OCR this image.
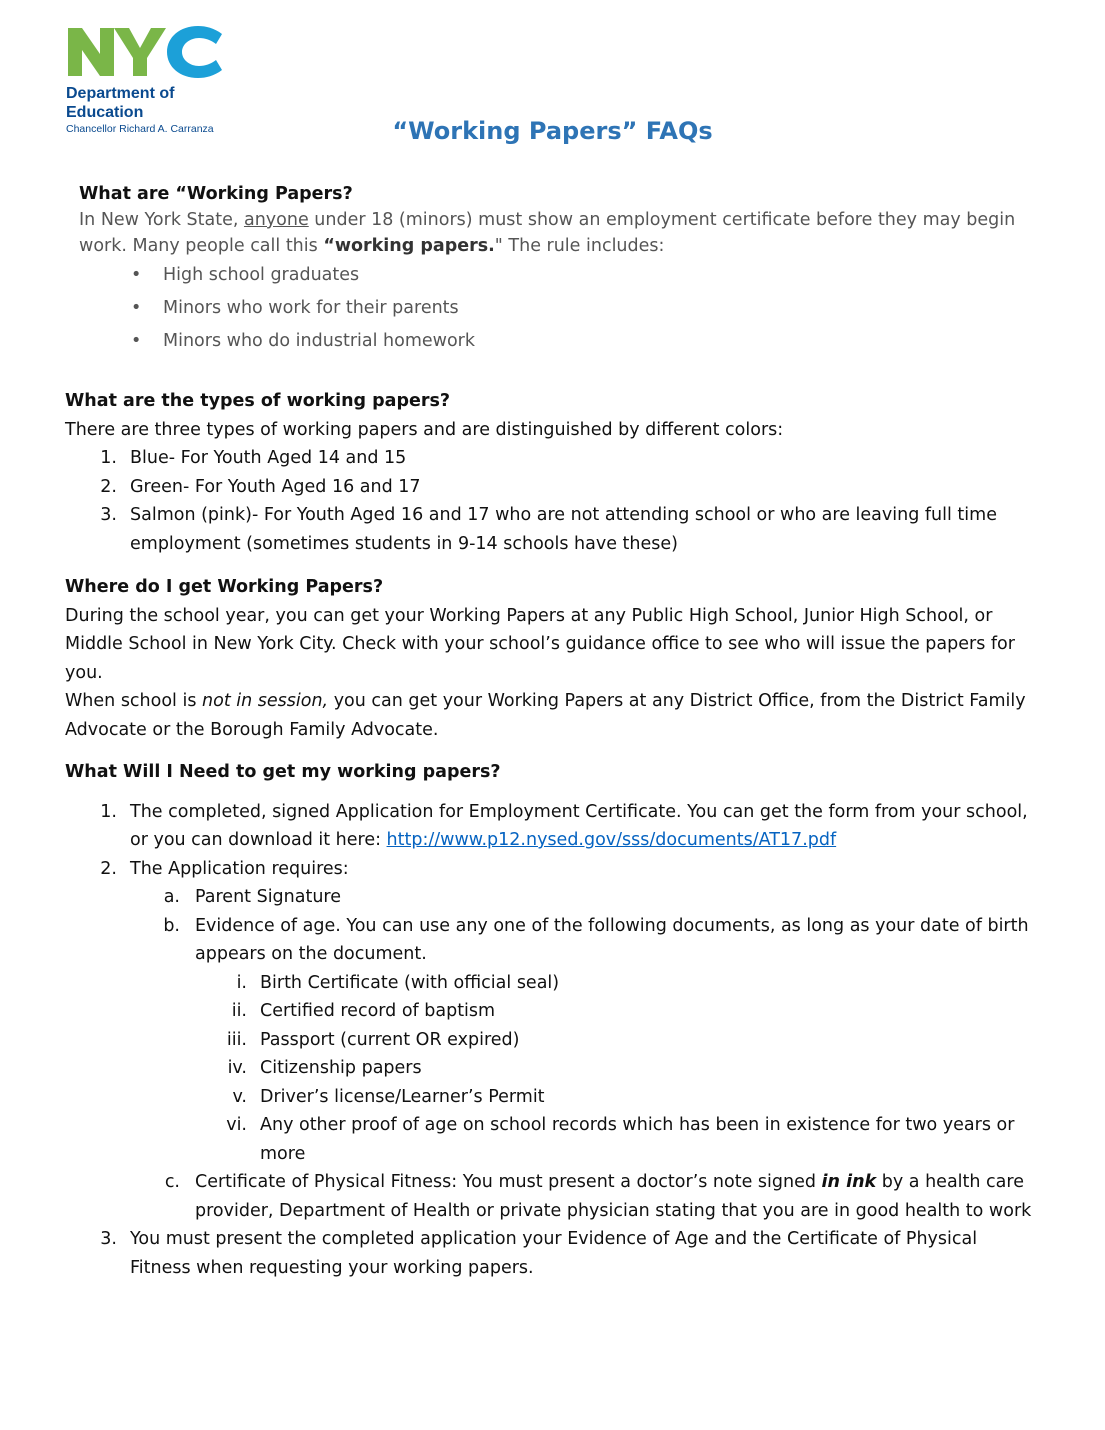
Department of
Education
Chancellor Richard A. Carranza	“Working Papers” FAQs

What are “Working Papers?

In New York State, anyone under 18 (minors) must show an employment certificate before they may begin

work. Many people call this “working papers." The rule includes:

• High school graduates
• Minors who work for their parents
• Minors who do industrial homework

What are the types of working papers?

There are three types of working papers and are distinguished by different colors:

1. Blue- For Youth Aged 14 and 15
2. Green- For Youth Aged 16 and 17
3. Salmon (pink)- For Youth Aged 16 and 17 who are not attending school or who are leaving full time
employment (sometimes students in 9-14 schools have these)

Where do I get Working Papers?

During the school year, you can get your Working Papers at any Public High School, Junior High School, or

Middle School in New York City. Check with your school’s guidance office to see who will issue the papers for

you.

When school is not in session, you can get your Working Papers at any District Office, from the District Family

Advocate or the Borough Family Advocate.

What Will I Need to get my working papers?

1. The completed, signed Application for Employment Certificate. You can get the form from your school,
or you can download it here: http://www.p12.nysed.gov/sss/documents/AT17.pdf
2. The Application requires:
a. Parent Signature
b. Evidence of age. You can use any one of the following documents, as long as your date of birth
appears on the document.
i. Birth Certificate (with official seal)
ii. Certified record of baptism
iii. Passport (current OR expired)
iv. Citizenship papers
v. Driver’s license/Learner’s Permit
vi. Any other proof of age on school records which has been in existence for two years or
more
c. Certificate of Physical Fitness: You must present a doctor’s note signed in ink by a health care
provider, Department of Health or private physician stating that you are in good health to work
3. You must present the completed application your Evidence of Age and the Certificate of Physical
Fitness when requesting your working papers.
